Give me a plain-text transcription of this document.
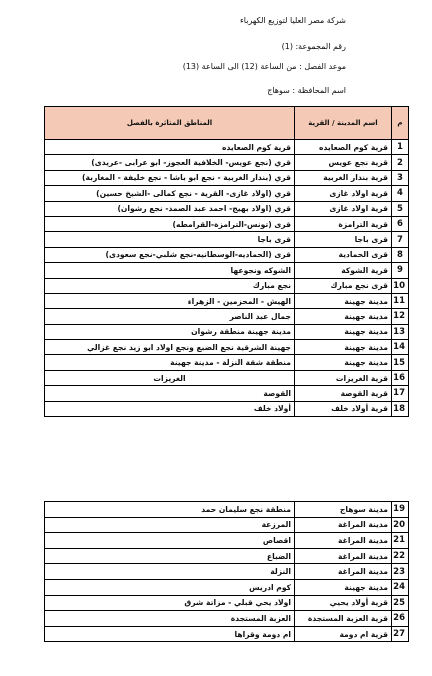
شركة مصر العليا لتوزيع الكهرباء
رقم المجموعة: (1)
موعد الفصل : من الساعة (12) الى الساعة (13)
اسم المحافظة : سوهاج
م	اسم المدينة / القرية	المناطق المتاثرة بالفصل
1	قرية كوم الصعايده	قرية كوم الصعايده
2	قرية نجع عويس	قري (نجع عويس- الخلافية العجوز- ابو عرابى -عريدى)
3	قرية بندار الغربية	قري (بندار الغربية - نجع ابو باشا - نجع خليفة - المغاربة)
4	قرية اولاد غازى	قري (اولاد غازى- القرية - نجع كمالى -الشيخ حسين)
5	قرية اولاد غازى	قري (اولاد بهيج- احمد عبد الصمد- نجع رشوان)
6	قرية الترامزة	قرى (تونس-الترامزة-القرامطه)
7	قرى باجا	قرى باجا
8	قرى الحمادية	قرى (الحماديه-الوسطانيه-نجع شلبي-نجع سعودى)
9	قرية الشوكة	الشوكه ونجوعها
10	قرى نجع مبارك	نجع مبارك
11	مدينة جهينة	الهيش - المحزمين - الزهراء
12	مدينة جهينة	جمال عبد الناصر
13	مدينة جهينة	مدينة جهينة منطقة رشوان
14	مدينة جهينة	جهينة الشرقية نجع الضبع ونجع اولاد ابو زيد نجع غزالي
15	مدينة جهينة	منطقة شقة النزلة - مدينة جهينة
16	قرية الغريزات	الغريزات
17	قرية القوصة	القوصة
18	قرية أولاد خلف	أولاد خلف
19	مدينة سوهاج	منطقة نجع سليمان حمد
20	مدينة المراغة	المرزعة
21	مدينة المراغة	اقصاص
22	مدينة المراغة	الضباع
23	مدينة المراغة	النزلة
24	مدينة جهينة	كوم ادريس
25	قرية أولاد يحيي	اولاد يحي قبلي - مزاتة شرق
26	قرية العزبة المستجدة	العزبة المستجدة
27	قرية ام دومة	ام دومة وقراها
